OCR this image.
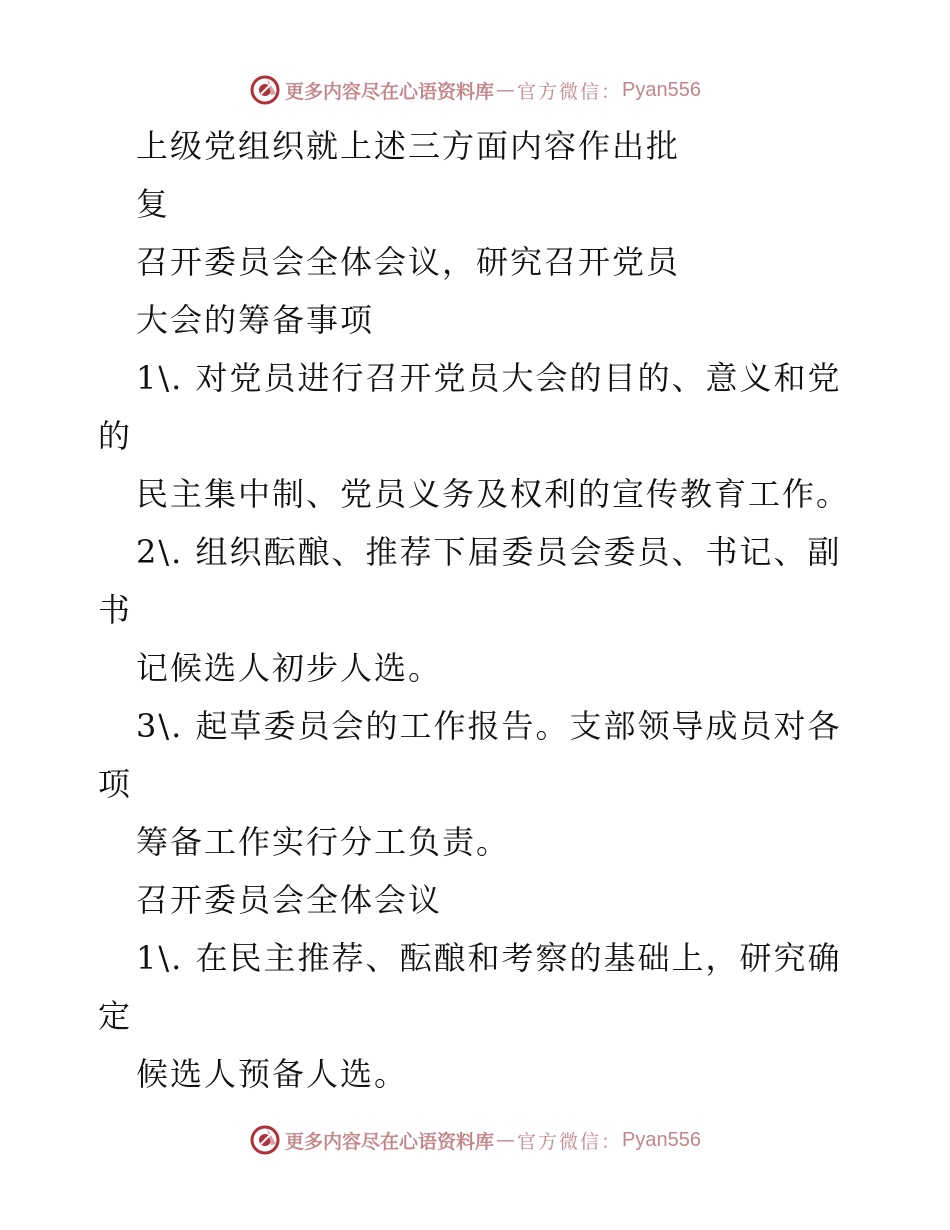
更多内容尽在心语资料库 — 官方微信： Pyan556
上级党组织就上述三方面内容作出批
复
召开委员会全体会议，研究召开党员
大会的筹备事项
1\. 对党员进行召开党员大会的目的、意义和党
的
民主集中制、党员义务及权利的宣传教育工作。
2\. 组织酝酿、推荐下届委员会委员、书记、副
书
记候选人初步人选。
3\. 起草委员会的工作报告。支部领导成员对各
项
筹备工作实行分工负责。
召开委员会全体会议
1\. 在民主推荐、酝酿和考察的基础上，研究确
定
候选人预备人选。
更多内容尽在心语资料库 — 官方微信： Pyan556
